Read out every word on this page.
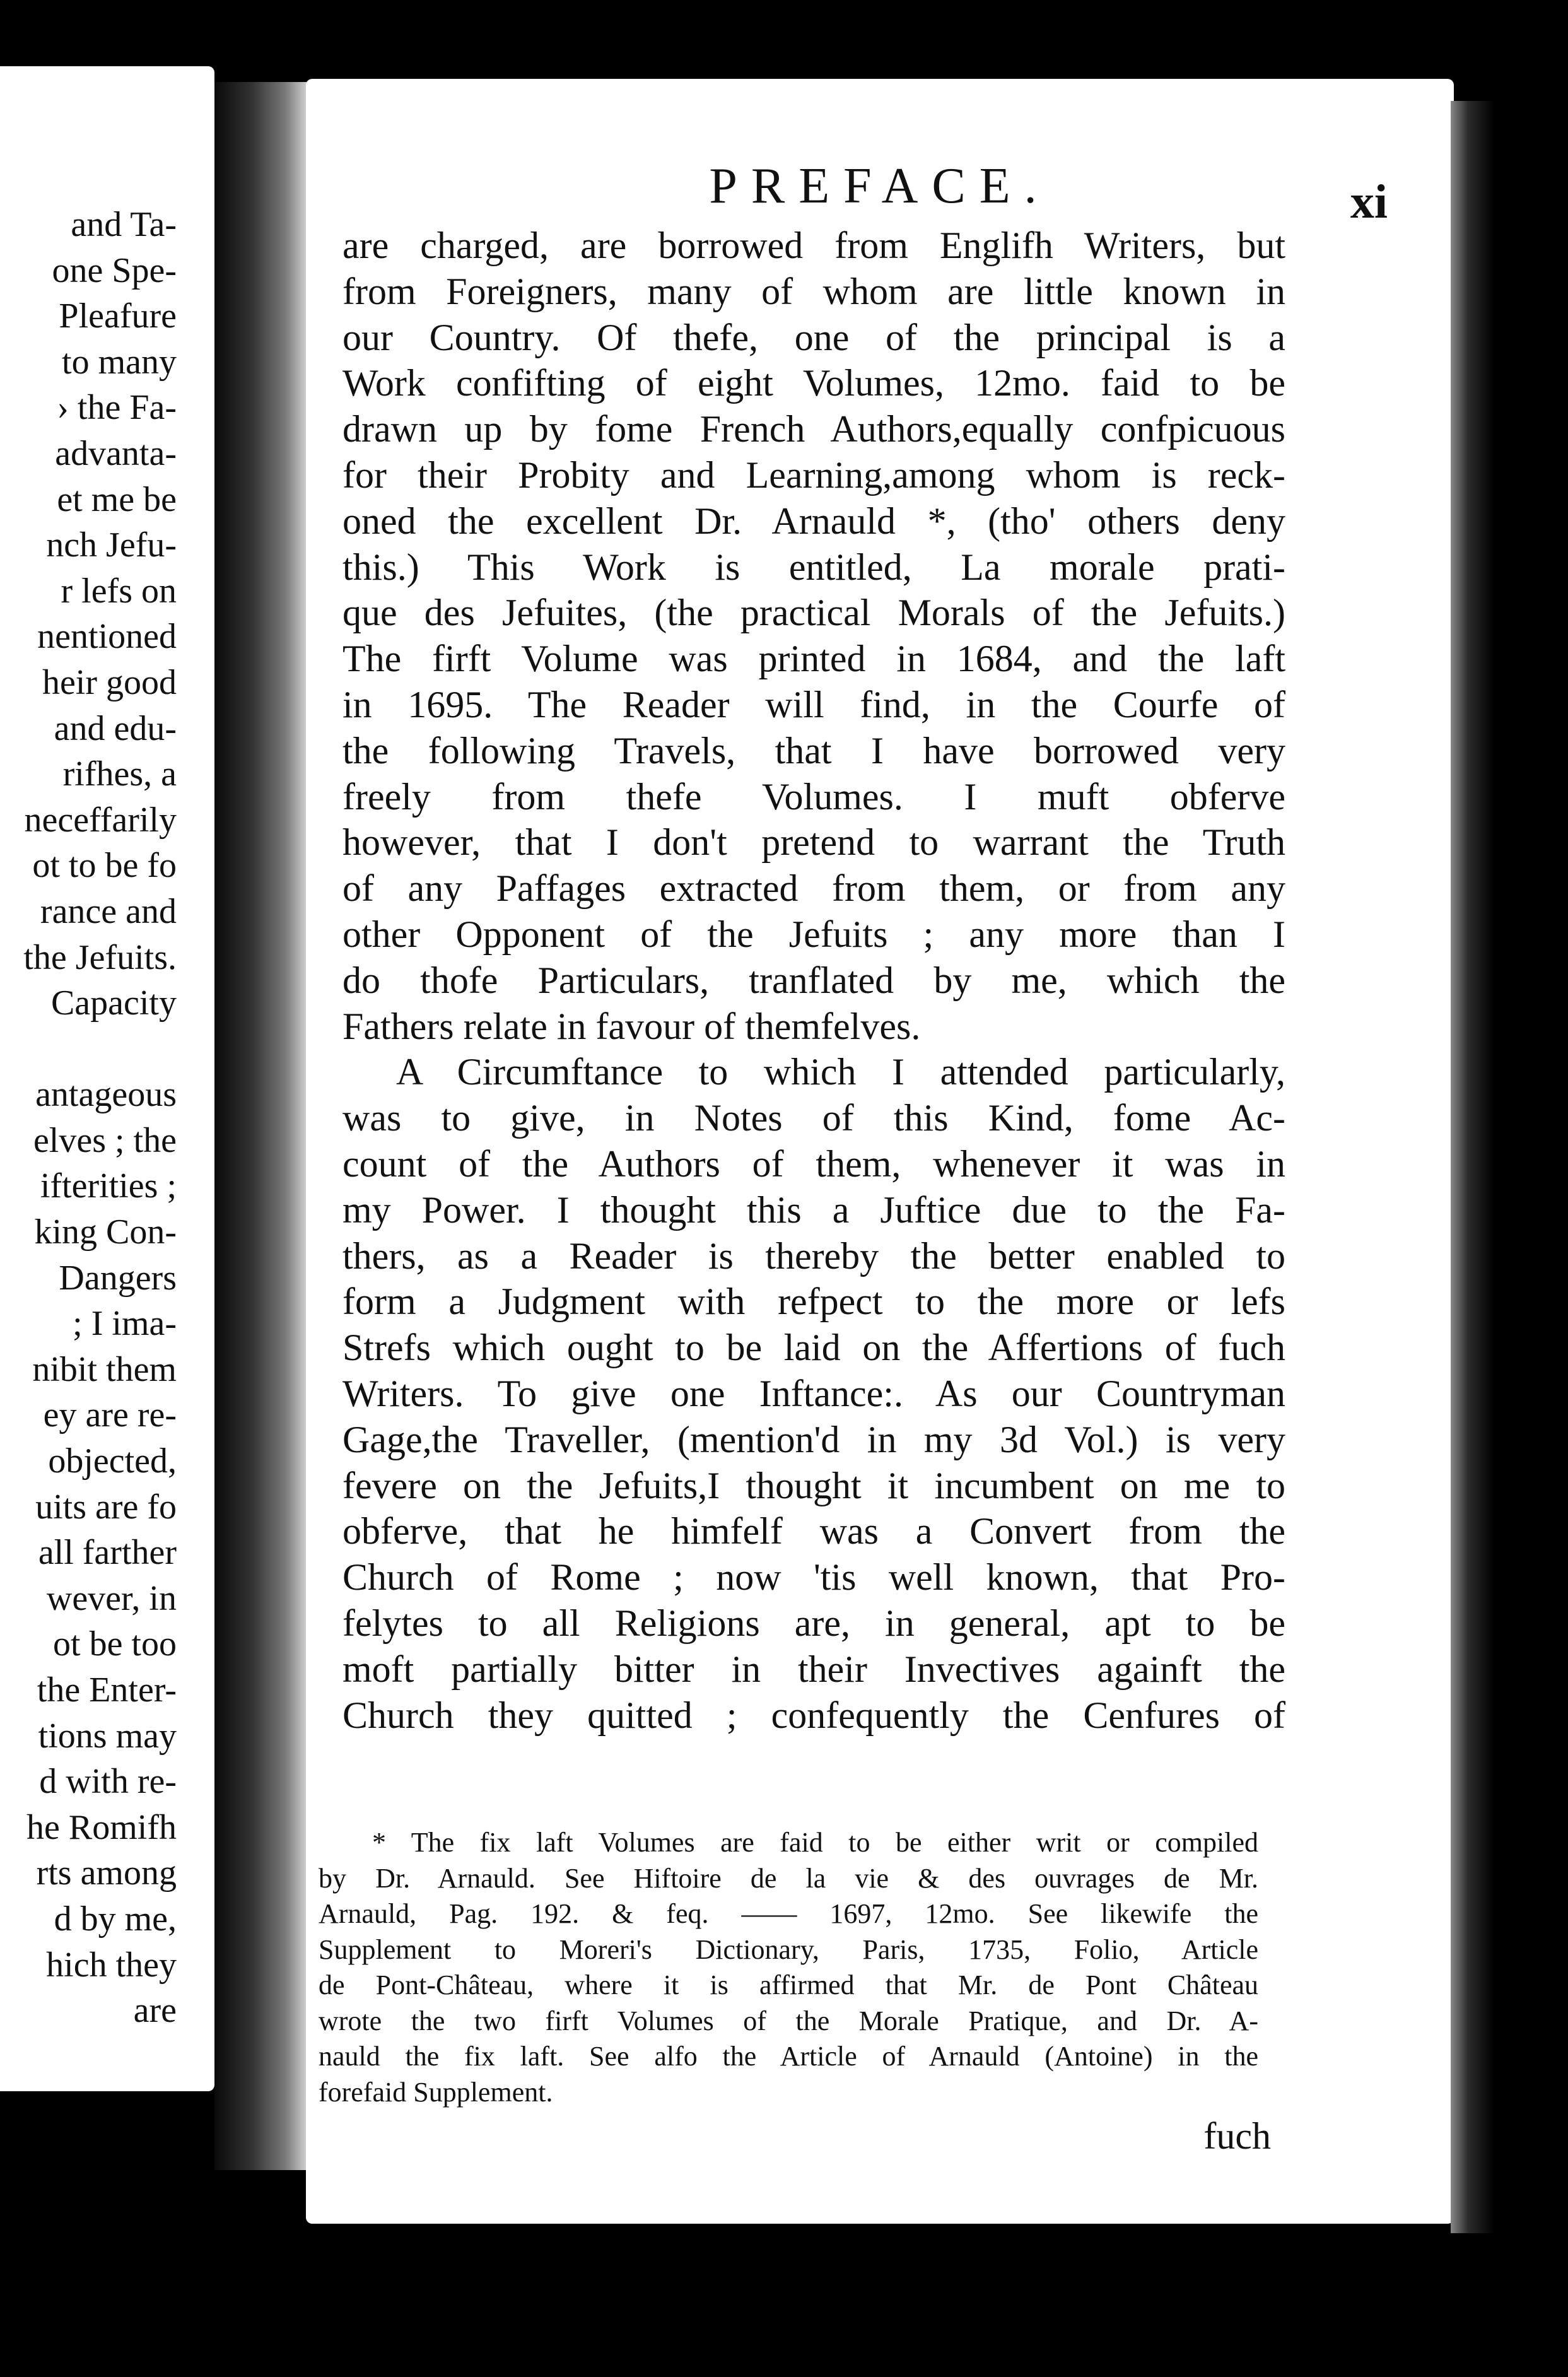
and Ta-
one Spe-
Pleafure
to many
› the Fa-
advanta-
et me be
nch Jefu-
r lefs on
nentioned
heir good
and edu-
rifhes, a
neceffarily
ot to be fo
rance and
the Jefuits.
Capacity
antageous
elves ; the
ifterities ;
king Con-
Dangers
; I ima-
nibit them
ey are re-
objected,
uits are fo
all farther
wever, in
ot be too
the Enter-
tions may
d with re-
he Romifh
rts among
d by me,
hich they
are
PREFACE.	xi
are charged, are borrowed from Englifh Writers, but
from Foreigners, many of whom are little known in
our Country. Of thefe, one of the principal is a
Work confifting of eight Volumes, 12mo. faid to be
drawn up by fome French Authors,equally confpicuous
for their Probity and Learning,among whom is reck-
oned the excellent Dr. Arnauld *, (tho' others deny
this.) This Work is entitled, La morale prati-
que des Jefuites, (the practical Morals of the Jefuits.)
The firft Volume was printed in 1684, and the laft
in 1695. The Reader will find, in the Courfe of
the following Travels, that I have borrowed very
freely from thefe Volumes. I muft obferve
however, that I don't pretend to warrant the Truth
of any Paffages extracted from them, or from any
other Opponent of the Jefuits ; any more than I
do thofe Particulars, tranflated by me, which the
Fathers relate in favour of themfelves.
A Circumftance to which I attended particularly,
was to give, in Notes of this Kind, fome Ac-
count of the Authors of them, whenever it was in
my Power. I thought this a Juftice due to the Fa-
thers, as a Reader is thereby the better enabled to
form a Judgment with refpect to the more or lefs
Strefs which ought to be laid on the Affertions of fuch
Writers. To give one Inftance:. As our Countryman
Gage,the Traveller, (mention'd in my 3d Vol.) is very
fevere on the Jefuits,I thought it incumbent on me to
obferve, that he himfelf was a Convert from the
Church of Rome ; now 'tis well known, that Pro-
felytes to all Religions are, in general, apt to be
moft partially bitter in their Invectives againft the
Church they quitted ; confequently the Cenfures of
* The fix laft Volumes are faid to be either writ or compiled
by Dr. Arnauld. See Hiftoire de la vie & des ouvrages de Mr.
Arnauld, Pag. 192. & feq. —— 1697, 12mo. See likewife the
Supplement to Moreri's Dictionary, Paris, 1735, Folio, Article
de Pont-Château, where it is affirmed that Mr. de Pont Château
wrote the two firft Volumes of the Morale Pratique, and Dr. A-
nauld the fix laft. See alfo the Article of Arnauld (Antoine) in the
forefaid Supplement.
fuch
